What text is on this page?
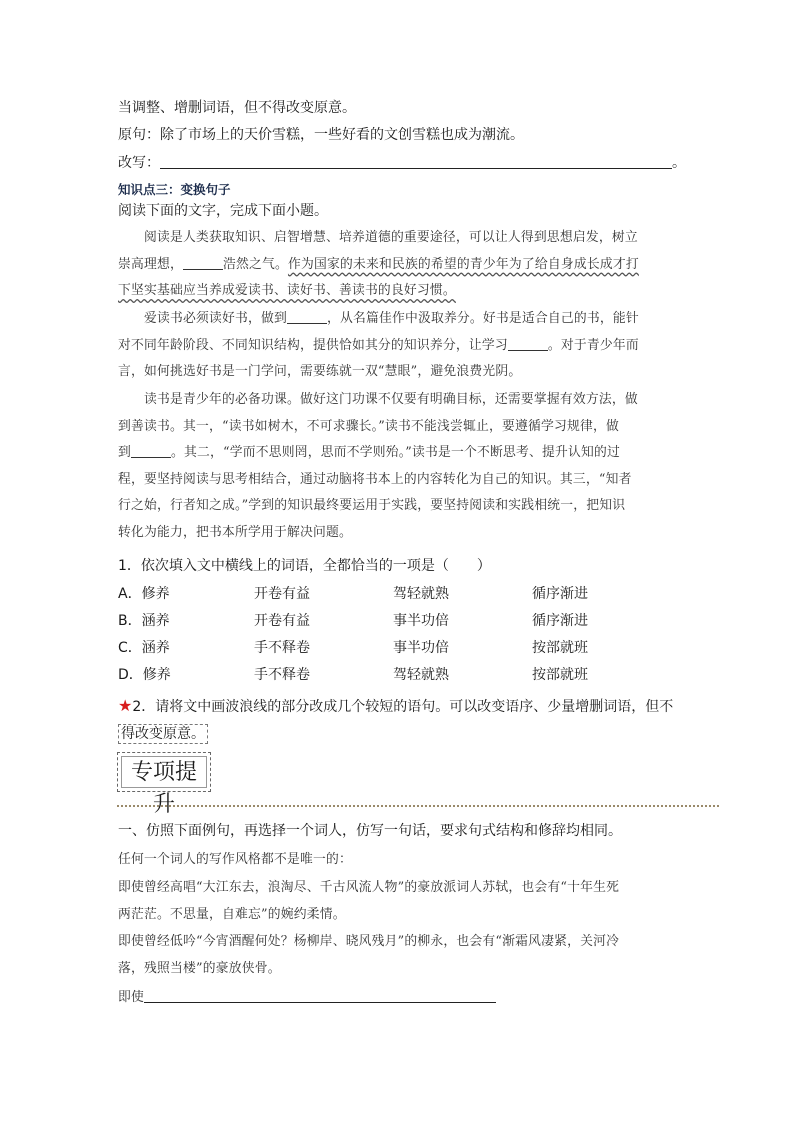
当调整、增删词语，但不得改变原意。
原句：除了市场上的天价雪糕，一些好看的文创雪糕也成为潮流。
改写：	。
知识点三：变换句子
阅读下面的文字，完成下面小题。

阅读是人类获取知识、启智增慧、培养道德的重要途径，可以让人得到思想启发，树立

崇高理想，	浩然之气。作为国家的未来和民族的希望的青少年为了给自身成长成才打

下坚实基础应当养成爱读书、读好书、善读书的良好习惯。

爱读书必须读好书，做到	，从名篇佳作中汲取养分。好书是适合自己的书，能针

对不同年龄阶段、不同知识结构，提供恰如其分的知识养分，让学习	。对于青少年而

言，如何挑选好书是一门学问，需要练就一双“慧眼”，避免浪费光阴。

读书是青少年的必备功课。做好这门功课不仅要有明确目标，还需要掌握有效方法，做

到善读书。其一，“读书如树木，不可求骤长。”读书不能浅尝辄止，要遵循学习规律，做

到	。其二，“学而不思则罔，思而不学则殆。”读书是一个不断思考、提升认知的过

程，要坚持阅读与思考相结合，通过动脑将书本上的内容转化为自己的知识。其三，“知者

行之始，行者知之成。”学到的知识最终要运用于实践，要坚持阅读和实践相统一，把知识

转化为能力，把书本所学用于解决问题。

1．依次填入文中横线上的词语，全都恰当的一项是（　　）
A．修养	开卷有益	驾轻就熟	循序渐进
B．涵养	开卷有益	事半功倍	循序渐进
C．涵养	手不释卷	事半功倍	按部就班
D．修养	手不释卷	驾轻就熟	按部就班
★2．请将文中画波浪线的部分改成几个较短的语句。可以改变语序、少量增删词语，但不
得改变原意。
专项提升
一、仿照下面例句，再选择一个词人，仿写一句话，要求句式结构和修辞均相同。
任何一个词人的写作风格都不是唯一的：
即使曾经高唱“大江东去，浪淘尽、千古风流人物”的豪放派词人苏轼，也会有“十年生死
两茫茫。不思量，自难忘”的婉约柔情。
即使曾经低吟“今宵酒醒何处？杨柳岸、晓风残月”的柳永，也会有“渐霜风凄紧，关河冷
落，残照当楼”的豪放侠骨。
即使
